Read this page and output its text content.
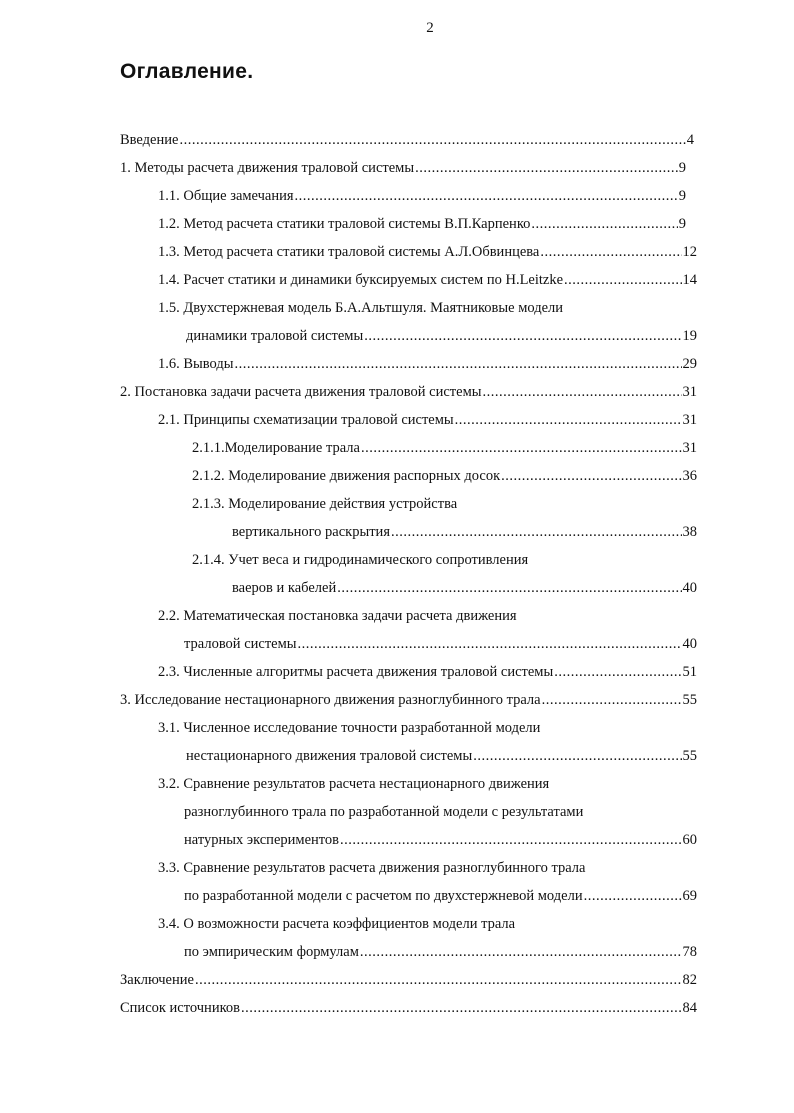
2
Оглавление.
Введение .....	4
1. Методы расчета движения траловой системы .....	9
1.1. Общие замечания .....	9
1.2. Метод расчета статики траловой системы В.П.Карпенко .....	9
1.3. Метод расчета статики траловой системы А.Л.Обвинцева .....	12
1.4. Расчет статики и динамики буксируемых систем по H.Leitzke .....	14
1.5. Двухстержневая модель Б.А.Альтшуля. Маятниковые модели
динамики траловой системы .....	19
1.6. Выводы .....	29
2. Постановка задачи расчета движения траловой системы .....	31
2.1. Принципы схематизации траловой системы .....	31
2.1.1.Моделирование трала .....	31
2.1.2. Моделирование движения распорных досок .....	36
2.1.3. Моделирование действия устройства
вертикального раскрытия .....	38
2.1.4. Учет веса и гидродинамического сопротивления
ваеров и кабелей .....	40
2.2. Математическая постановка задачи расчета движения
траловой системы .....	40
2.3. Численные алгоритмы расчета движения траловой системы .....	51
3. Исследование нестационарного движения разноглубинного трала .....	55
3.1. Численное исследование точности разработанной модели
нестационарного движения траловой системы .....	55
3.2. Сравнение результатов расчета нестационарного движения
разноглубинного трала по разработанной модели с результатами
натурных экспериментов .....	60
3.3. Сравнение результатов расчета движения разноглубинного трала
по разработанной модели с расчетом по двухстержневой модели .....	69
3.4. О возможности расчета коэффициентов модели трала
по эмпирическим формулам .....	78
Заключение .....	82
Список источников .....	84
